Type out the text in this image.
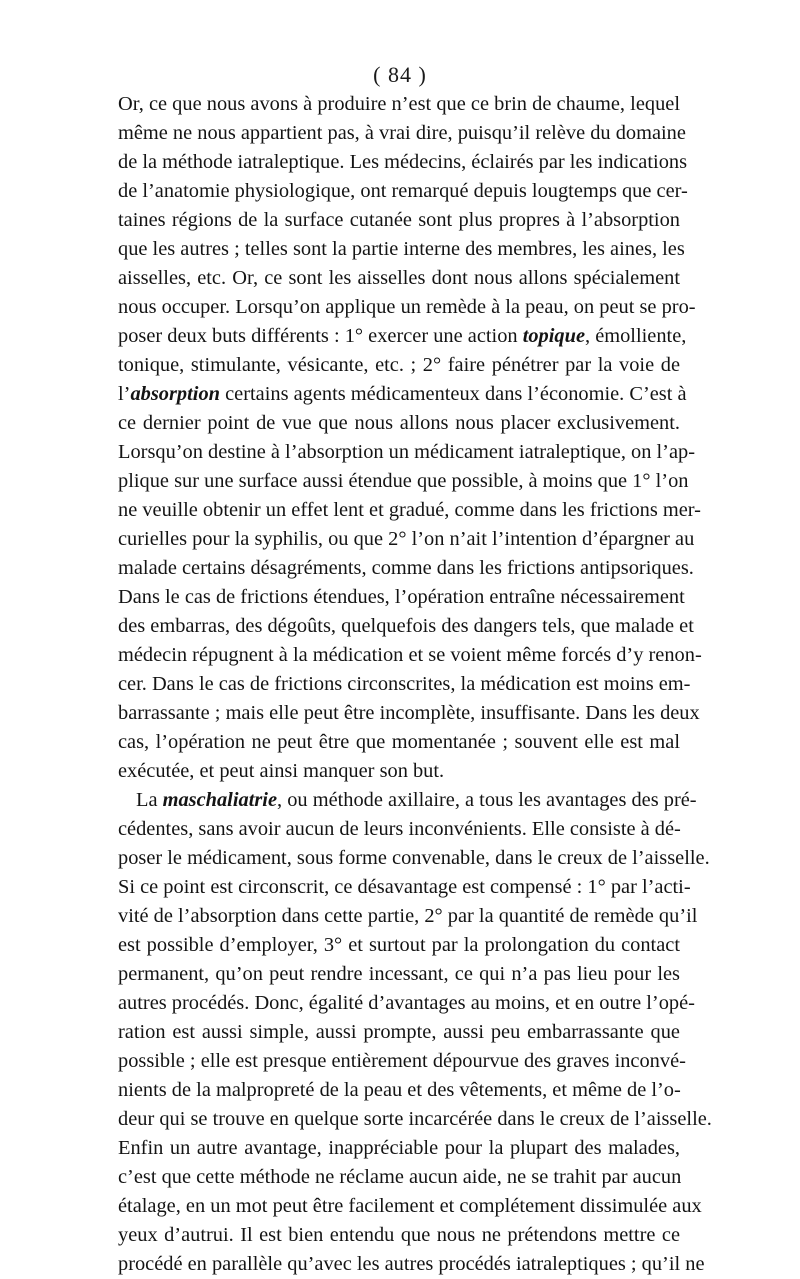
( 84 )
Or, ce que nous avons à produire n’est que ce brin de chaume, lequel
même ne nous appartient pas, à vrai dire, puisqu’il relève du domaine
de la méthode iatraleptique. Les médecins, éclairés par les indications
de l’anatomie physiologique, ont remarqué depuis lougtemps que cer-
taines régions de la surface cutanée sont plus propres à l’absorption
que les autres ; telles sont la partie interne des membres, les aines, les
aisselles, etc. Or, ce sont les aisselles dont nous allons spécialement
nous occuper. Lorsqu’on applique un remède à la peau, on peut se pro-
poser deux buts différents : 1° exercer une action topique, émolliente,
tonique, stimulante, vésicante, etc. ; 2° faire pénétrer par la voie de
l’absorption certains agents médicamenteux dans l’économie. C’est à
ce dernier point de vue que nous allons nous placer exclusivement.
Lorsqu’on destine à l’absorption un médicament iatraleptique, on l’ap-
plique sur une surface aussi étendue que possible, à moins que 1° l’on
ne veuille obtenir un effet lent et gradué, comme dans les frictions mer-
curielles pour la syphilis, ou que 2° l’on n’ait l’intention d’épargner au
malade certains désagréments, comme dans les frictions antipsoriques.
Dans le cas de frictions étendues, l’opération entraîne nécessairement
des embarras, des dégoûts, quelquefois des dangers tels, que malade et
médecin répugnent à la médication et se voient même forcés d’y renon-
cer. Dans le cas de frictions circonscrites, la médication est moins em-
barrassante ; mais elle peut être incomplète, insuffisante. Dans les deux
cas, l’opération ne peut être que momentanée ; souvent elle est mal
exécutée, et peut ainsi manquer son but.
La maschaliatrie, ou méthode axillaire, a tous les avantages des pré-
cédentes, sans avoir aucun de leurs inconvénients. Elle consiste à dé-
poser le médicament, sous forme convenable, dans le creux de l’aisselle.
Si ce point est circonscrit, ce désavantage est compensé : 1° par l’acti-
vité de l’absorption dans cette partie, 2° par la quantité de remède qu’il
est possible d’employer, 3° et surtout par la prolongation du contact
permanent, qu’on peut rendre incessant, ce qui n’a pas lieu pour les
autres procédés. Donc, égalité d’avantages au moins, et en outre l’opé-
ration est aussi simple, aussi prompte, aussi peu embarrassante que
possible ; elle est presque entièrement dépourvue des graves inconvé-
nients de la malpropreté de la peau et des vêtements, et même de l’o-
deur qui se trouve en quelque sorte incarcérée dans le creux de l’aisselle.
Enfin un autre avantage, inappréciable pour la plupart des malades,
c’est que cette méthode ne réclame aucun aide, ne se trahit par aucun
étalage, en un mot peut être facilement et complétement dissimulée aux
yeux d’autrui. Il est bien entendu que nous ne prétendons mettre ce
procédé en parallèle qu’avec les autres procédés iatraleptiques ; qu’il ne
